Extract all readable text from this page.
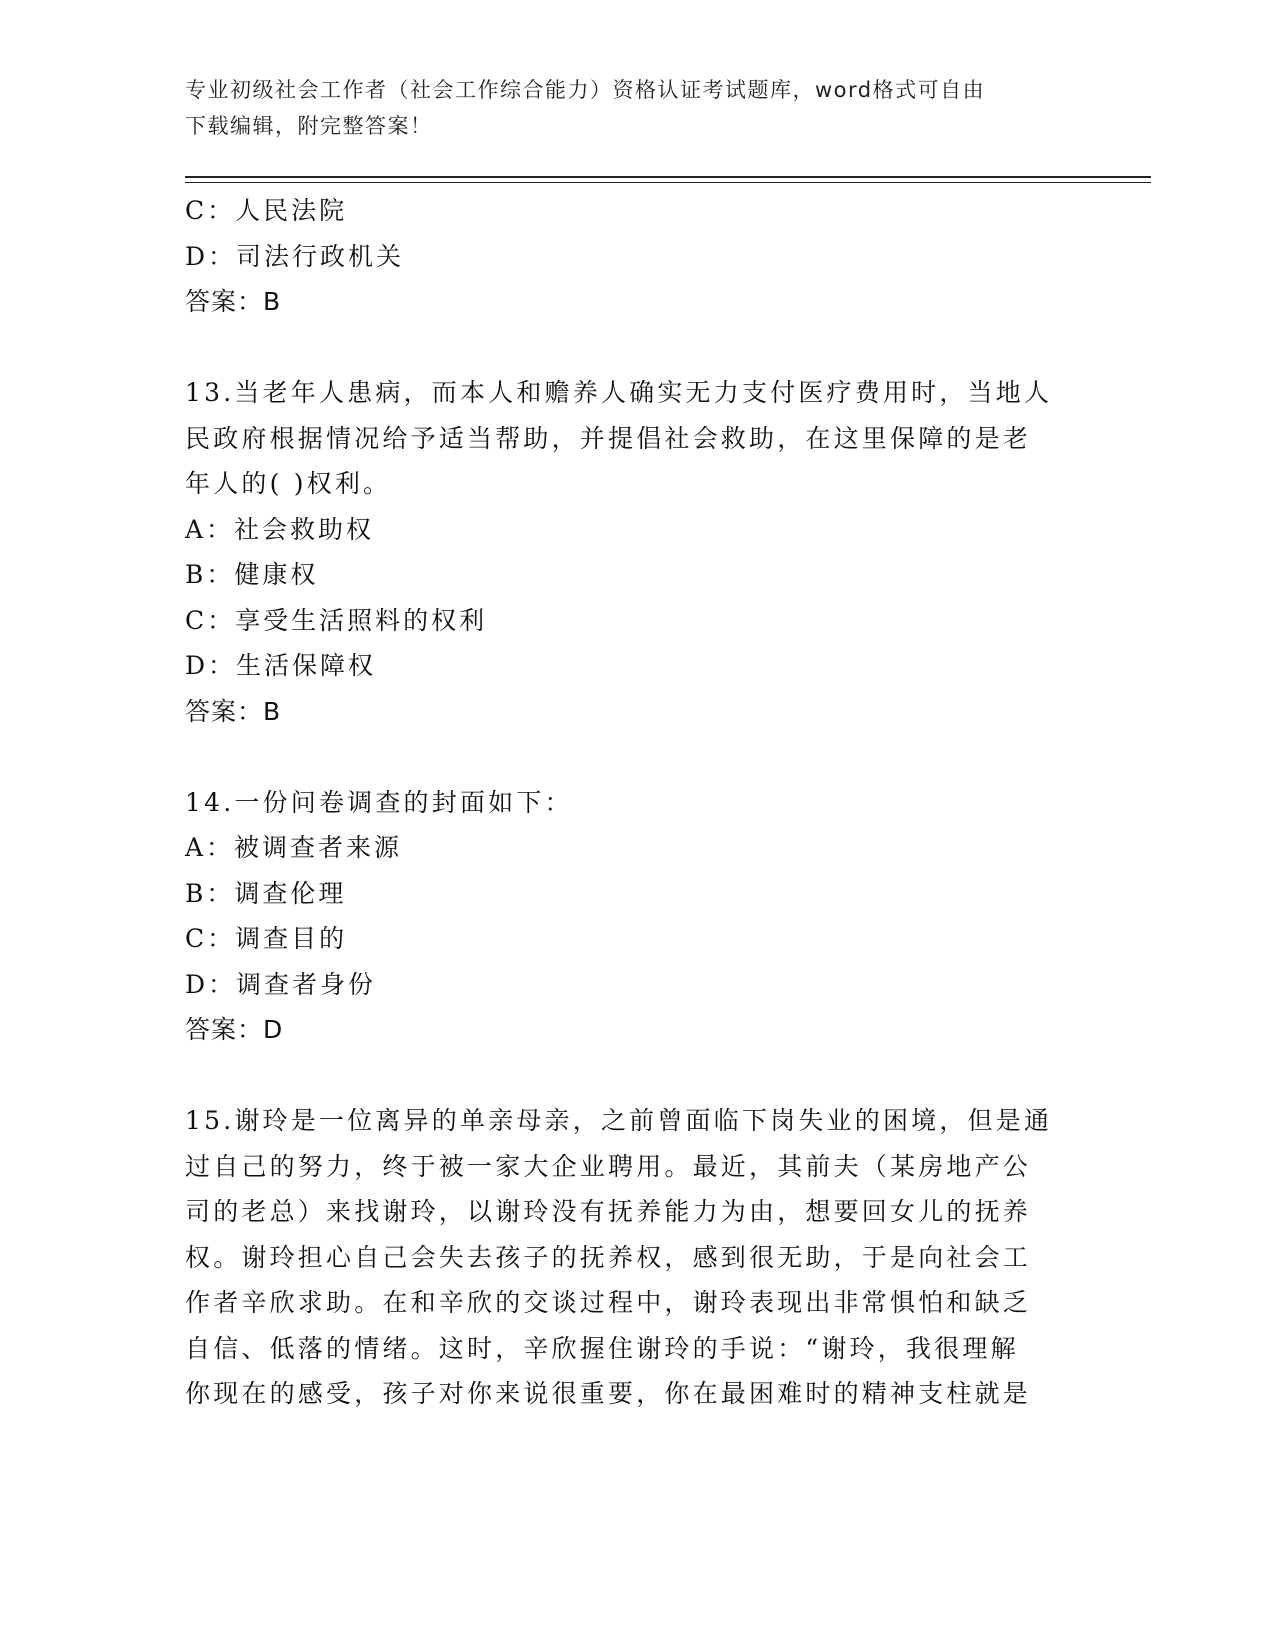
专业初级社会工作者（社会工作综合能力）资格认证考试题库，word格式可自由
下载编辑，附完整答案！
C：人民法院
D：司法行政机关
答案：B
13.当老年人患病，而本人和赡养人确实无力支付医疗费用时，当地人
民政府根据情况给予适当帮助，并提倡社会救助，在这里保障的是老
年人的( )权利。
A：社会救助权
B：健康权
C：享受生活照料的权利
D：生活保障权
答案：B
14.一份问卷调查的封面如下：
A：被调查者来源
B：调查伦理
C：调查目的
D：调查者身份
答案：D
15.谢玲是一位离异的单亲母亲，之前曾面临下岗失业的困境，但是通
过自己的努力，终于被一家大企业聘用。最近，其前夫（某房地产公
司的老总）来找谢玲，以谢玲没有抚养能力为由，想要回女儿的抚养
权。谢玲担心自己会失去孩子的抚养权，感到很无助，于是向社会工
作者辛欣求助。在和辛欣的交谈过程中，谢玲表现出非常惧怕和缺乏
自信、低落的情绪。这时，辛欣握住谢玲的手说：“谢玲，我很理解
你现在的感受，孩子对你来说很重要，你在最困难时的精神支柱就是
